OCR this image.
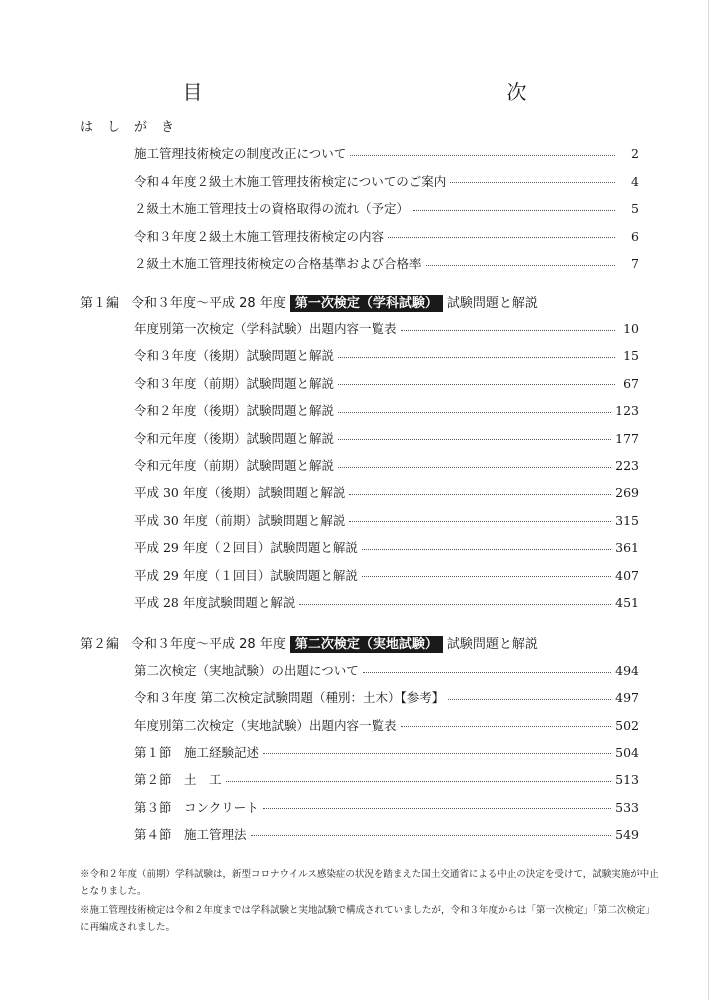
目　　次
はしがき
施工管理技術検定の制度改正について	2
令和４年度２級土木施工管理技術検定についてのご案内	4
２級土木施工管理技士の資格取得の流れ（予定）	5
令和３年度２級土木施工管理技術検定の内容	6
２級土木施工管理技術検定の合格基準および合格率	7
第１編 令和３年度～平成 28 年度 第一次検定（学科試験） 試験問題と解説
年度別第一次検定（学科試験）出題内容一覧表	10
令和３年度（後期）試験問題と解説	15
令和３年度（前期）試験問題と解説	67
令和２年度（後期）試験問題と解説	123
令和元年度（後期）試験問題と解説	177
令和元年度（前期）試験問題と解説	223
平成 30 年度（後期）試験問題と解説	269
平成 30 年度（前期）試験問題と解説	315
平成 29 年度（２回目）試験問題と解説	361
平成 29 年度（１回目）試験問題と解説	407
平成 28 年度試験問題と解説	451
第２編 令和３年度～平成 28 年度 第二次検定（実地試験） 試験問題と解説
第二次検定（実地試験）の出題について	494
令和３年度 第二次検定試験問題（種別：土木）【参考】	497
年度別第二次検定（実地試験）出題内容一覧表	502
第１節　施工経験記述	504
第２節　土　工	513
第３節　コンクリート	533
第４節　施工管理法	549
※令和２年度（前期）学科試験は，新型コロナウイルス感染症の状況を踏まえた国土交通省による中止の決定を受けて，試験実施が中止となりました。
※施工管理技術検定は令和２年度までは学科試験と実地試験で構成されていましたが，令和３年度からは「第一次検定」「第二次検定」に再編成されました。
